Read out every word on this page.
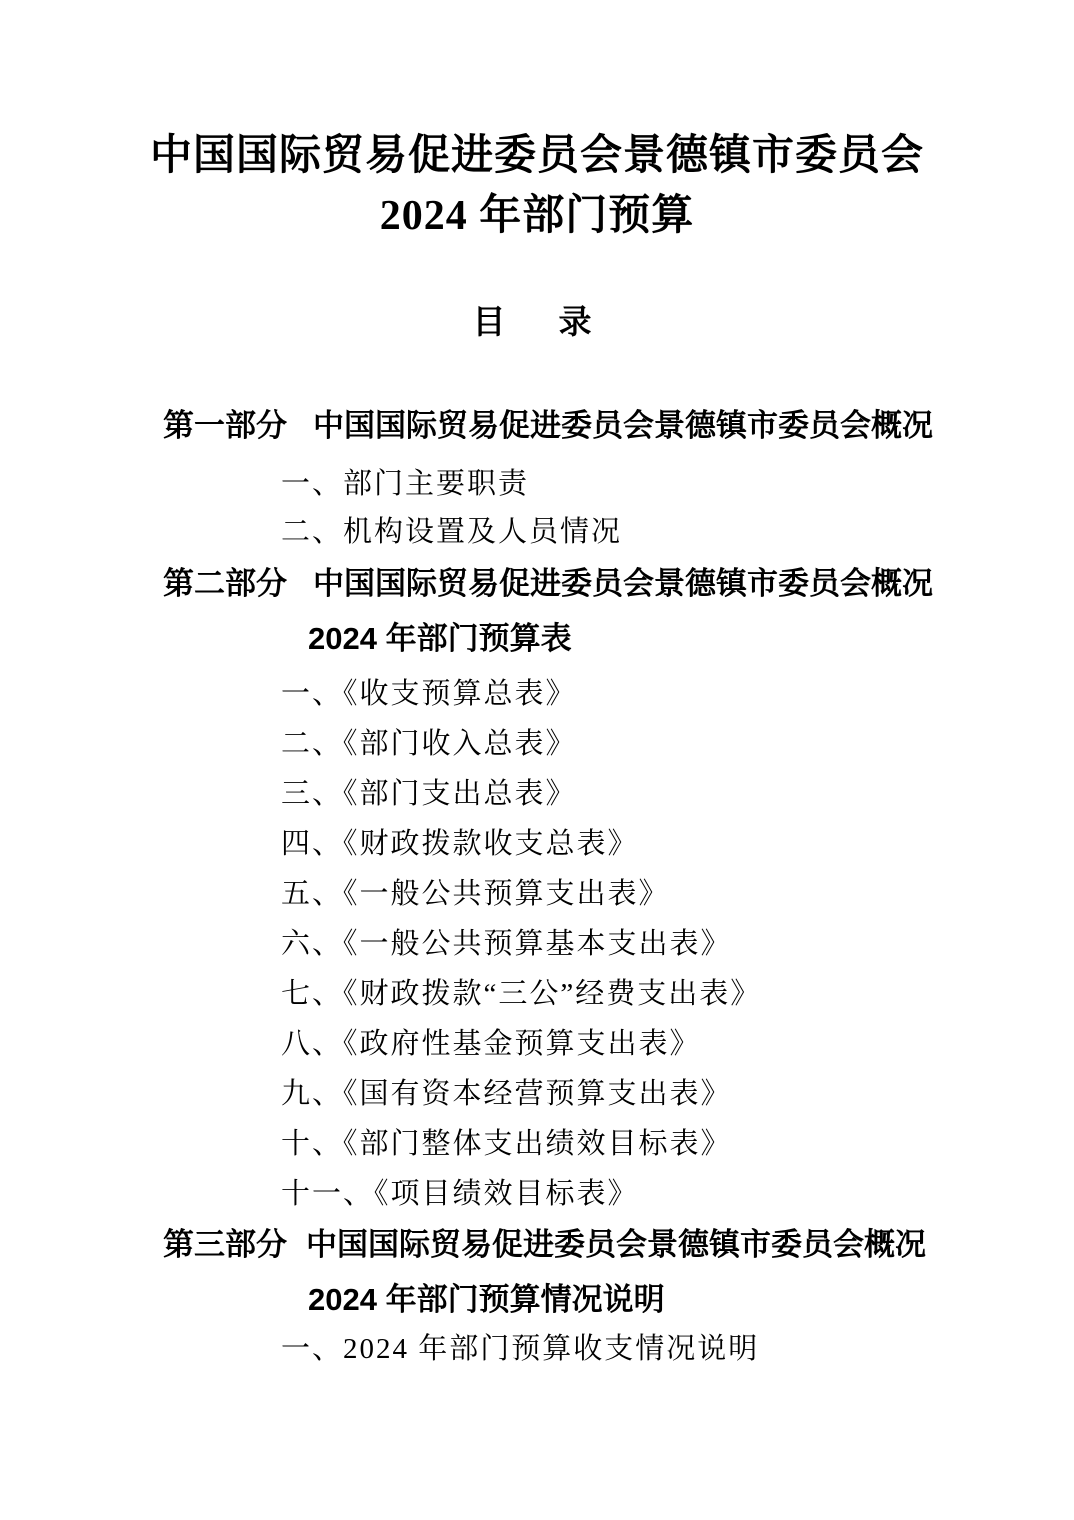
中国国际贸易促进委员会景德镇市委员会
2024 年部门预算
目　录
第一部分 中国国际贸易促进委员会景德镇市委员会概况
一、部门主要职责
二、机构设置及人员情况
第二部分 中国国际贸易促进委员会景德镇市委员会概况
2024 年部门预算表
一、《收支预算总表》
二、《部门收入总表》
三、《部门支出总表》
四、《财政拨款收支总表》
五、《一般公共预算支出表》
六、《一般公共预算基本支出表》
七、《财政拨款“三公”经费支出表》
八、《政府性基金预算支出表》
九、《国有资本经营预算支出表》
十、《部门整体支出绩效目标表》
十一、《项目绩效目标表》
第三部分 中国国际贸易促进委员会景德镇市委员会概况
2024 年部门预算情况说明
一、2024 年部门预算收支情况说明
